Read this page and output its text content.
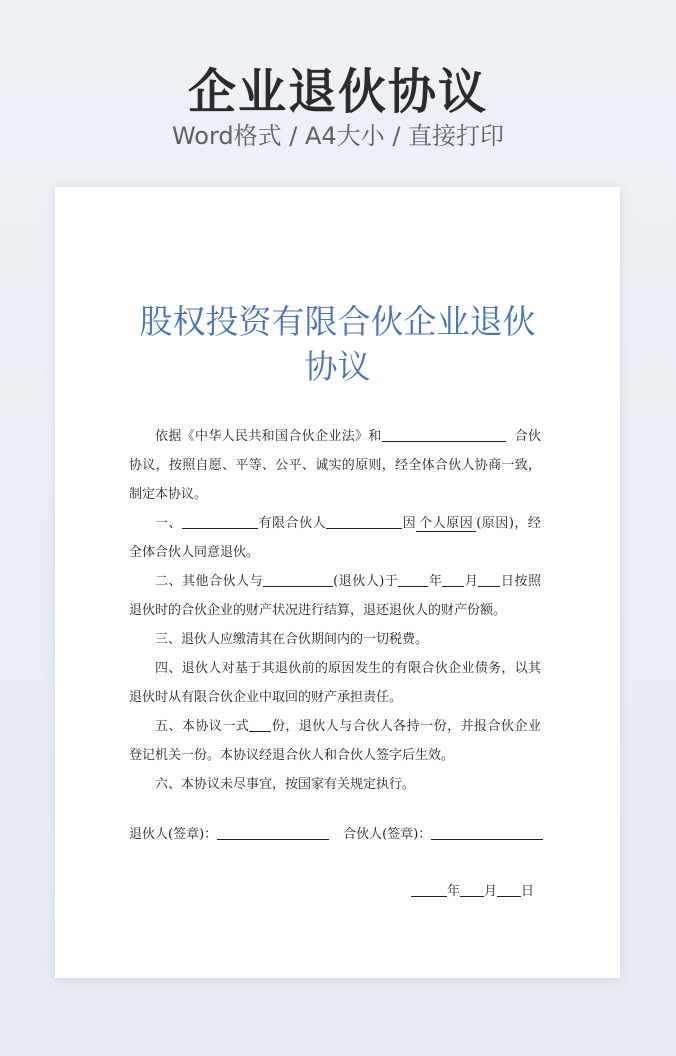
企业退伙协议
Word格式 / A4大小 / 直接打印
股权投资有限合伙企业退伙
协议

依据《中华人民共和国合伙企业法》和	合伙协议，按照自愿、平等、公平、诚实的原则，经全体合伙人协商一致，制定本协议。

一、	有限合伙人	因 个人原因 (原因)，经全体合伙人同意退伙。

二、其他合伙人与	(退伙人)于 年 月 日按照退伙时的合伙企业的财产状况进行结算，退还退伙人的财产份额。

三、退伙人应缴清其在合伙期间内的一切税费。

四、退伙人对基于其退伙前的原因发生的有限合伙企业债务，以其退伙时从有限合伙企业中取回的财产承担责任。

五、本协议一式 份，退伙人与合伙人各持一份，并报合伙企业登记机关一份。本协议经退合伙人和合伙人签字后生效。

六、本协议未尽事宜，按国家有关规定执行。

退伙人(签章)：	合伙人(签章)：
年 月 日
